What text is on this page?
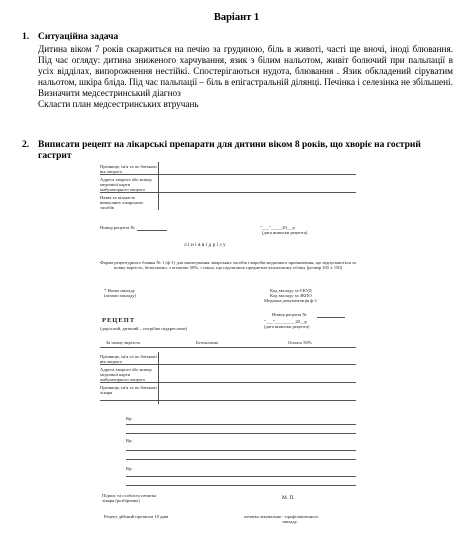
Варіант 1
1. Ситуаційна задача

Дитина віком 7 років скаржиться на печію за грудиною, біль в животі, часті ще вночі, іноді блювання. Під час огляду: дитина зниженого харчування, язик з білим нальотом, живіт болючий при пальпації в усіх відділах, випорожнення нестійкі. Спостерігаються нудота, блювання . Язик обкладений сіруватим нальотом, шкіра бліда. Під час пальпації – біль в епігастральній ділянці. Печінка і селезінка не збільшені.

Визначити медсестринський діагноз

Скласти план медсестринських втручань

2. Виписати рецепт на лікарські препарати для дитини віком 8 років, що хворіє на гострий гастрит
Прізвище, ім'я та по батькові і
вік хворого
Адреса хворого або номер
медичної карти
амбулаторного хворого
Назва та кількість
виписаних лікарських
засобів
Номер рецепта №	"___"_____20__ р
(дата виписки рецепта)
л і н і я в і д р і з у
Форма рецептурного бланка № 1 (ф-1) для виписування лікарських засобів і виробів медичного призначення, що відпускаються за повну вартість, безоплатно, з оплатою 50%, і таких, що підлягають предметно-кількісному обліку (розмір 105 х 150)
* Назва закладу
(штамп закладу)
Код закладу за ЄКУД
Код закладу за ЗКПО
Медична документація ф-1
Номер рецепта №
"___"_________20__р
(дата виписки рецепта)
РЕЦЕПТ
(дорослий, дитячий – потрібне підкреслити)
За повну вартість	Безоплатно	Оплата 50%
Прізвище, ім'я та по батькові і
вік хворого
Адреса хворого або номер
медичної карти
амбулаторного хворого
Прізвище, ім'я та по батькові
лікаря
Rp:
Rp:
Rp:
Підпис та особиста печатка
лікаря (розбірливо)	М. П.
Рецепт дійсний протягом 10 днів	печатка лікувально - профілактичного
закладу
